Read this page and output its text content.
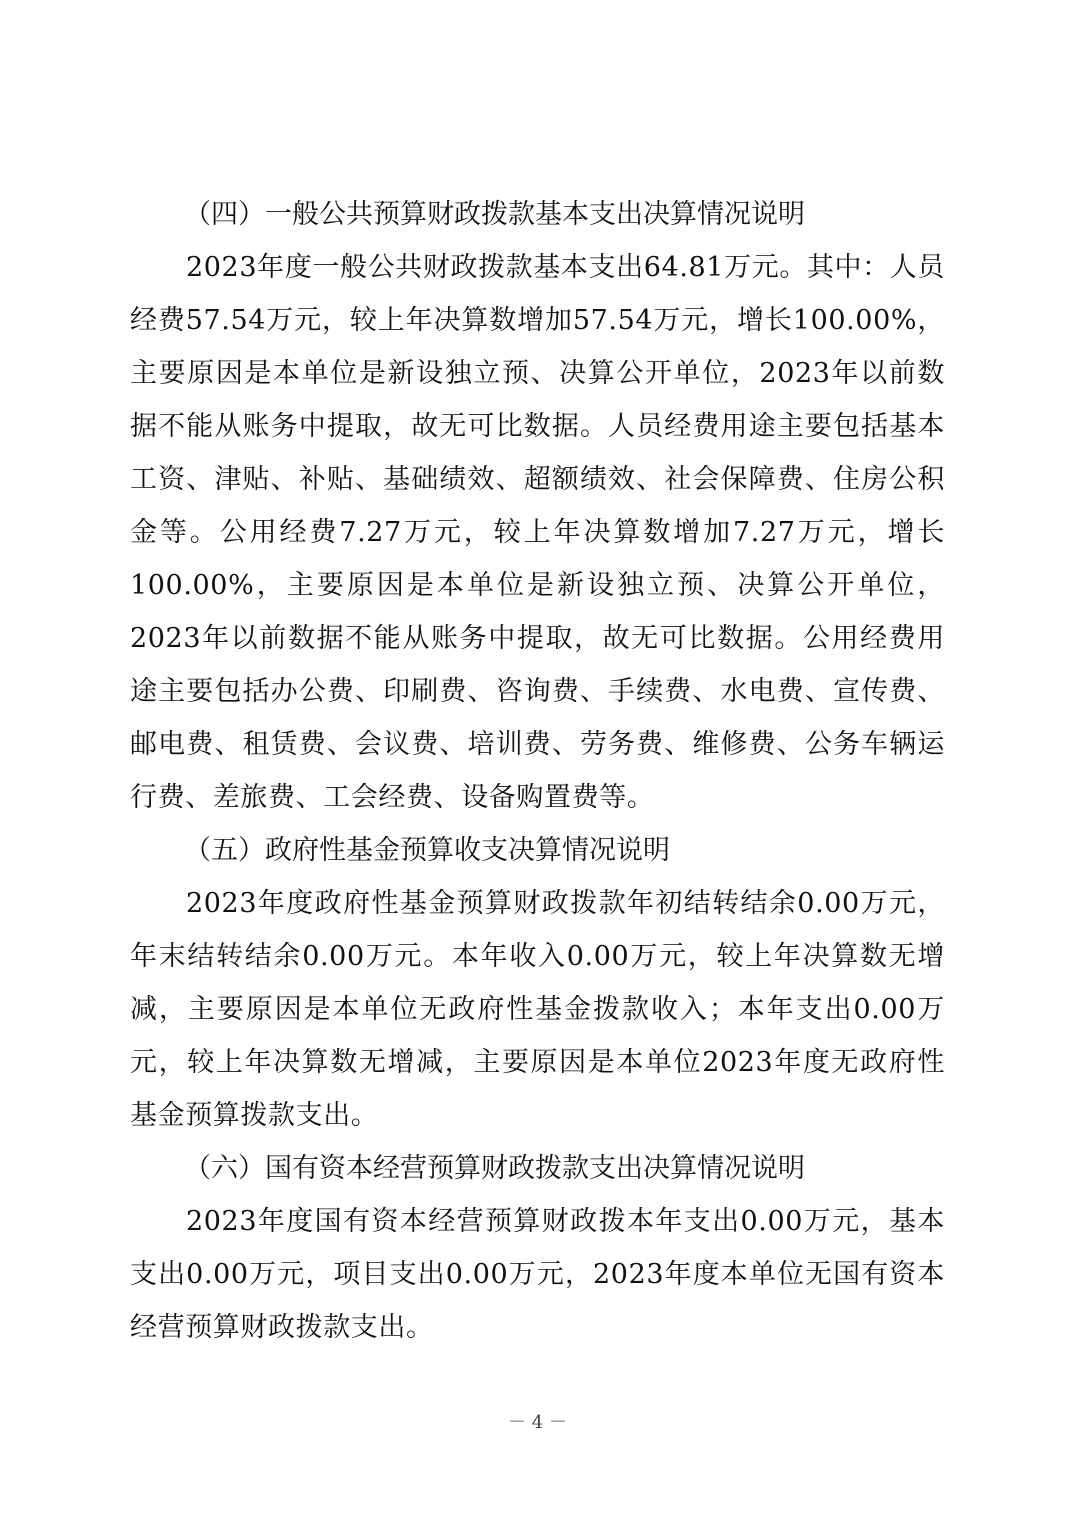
（四）一般公共预算财政拨款基本支出决算情况说明

2023年度一般公共财政拨款基本支出64.81万元。其中：人员经费57.54万元，较上年决算数增加57.54万元，增长100.00%，主要原因是本单位是新设独立预、决算公开单位，2023年以前数据不能从账务中提取，故无可比数据。人员经费用途主要包括基本工资、津贴、补贴、基础绩效、超额绩效、社会保障费、住房公积金等。公用经费7.27万元，较上年决算数增加7.27万元，增长100.00%，主要原因是本单位是新设独立预、决算公开单位，2023年以前数据不能从账务中提取，故无可比数据。公用经费用途主要包括办公费、印刷费、咨询费、手续费、水电费、宣传费、邮电费、租赁费、会议费、培训费、劳务费、维修费、公务车辆运行费、差旅费、工会经费、设备购置费等。

（五）政府性基金预算收支决算情况说明

2023年度政府性基金预算财政拨款年初结转结余0.00万元，年末结转结余0.00万元。本年收入0.00万元，较上年决算数无增减，主要原因是本单位无政府性基金拨款收入；本年支出0.00万元，较上年决算数无增减，主要原因是本单位2023年度无政府性基金预算拨款支出。

（六）国有资本经营预算财政拨款支出决算情况说明

2023年度国有资本经营预算财政拨本年支出0.00万元，基本支出0.00万元，项目支出0.00万元，2023年度本单位无国有资本经营预算财政拨款支出。

－ 4 －
